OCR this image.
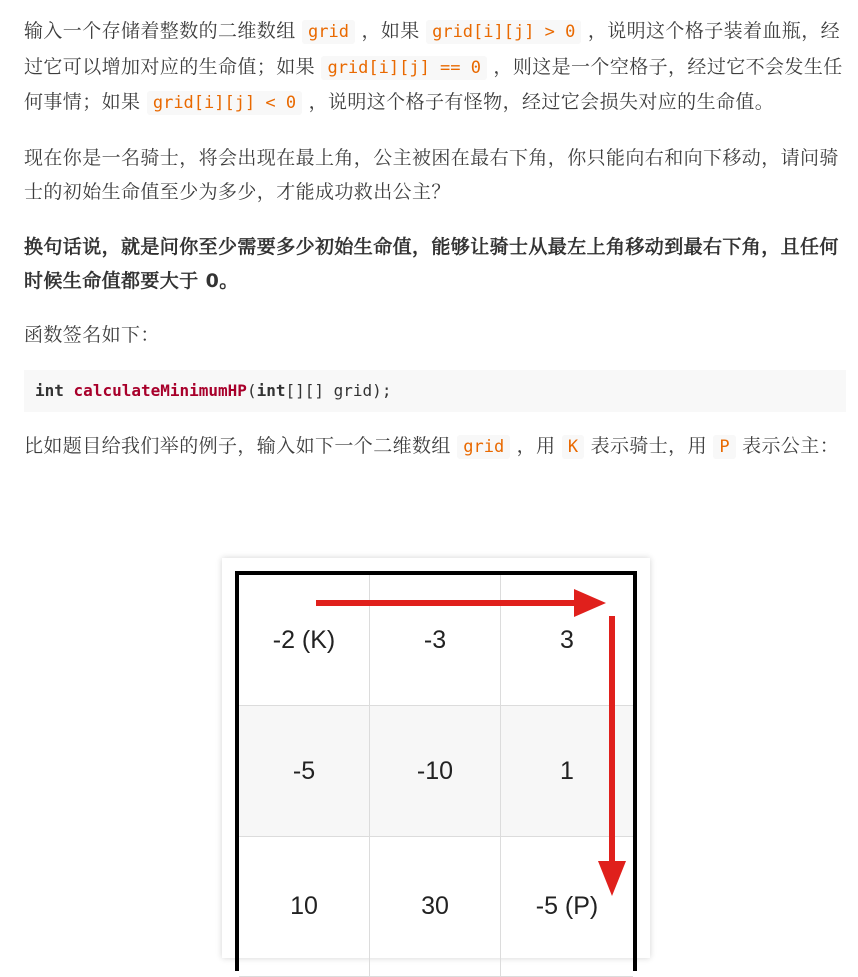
输入一个存储着整数的二维数组 grid ，如果 grid[i][j] > 0 ，说明这个格子装着血瓶，经过它可以增加对应的生命值；如果 grid[i][j] == 0 ，则这是一个空格子，经过它不会发生任何事情；如果 grid[i][j] < 0 ，说明这个格子有怪物，经过它会损失对应的生命值。

现在你是一名骑士，将会出现在最上角，公主被困在最右下角，你只能向右和向下移动，请问骑士的初始生命值至少为多少，才能成功救出公主？

换句话说，就是问你至少需要多少初始生命值，能够让骑士从最左上角移动到最右下角，且任何时候生命值都要大于 0。

函数签名如下：

int calculateMinimumHP(int[][] grid);

比如题目给我们举的例子，输入如下一个二维数组 grid ，用 K 表示骑士，用 P 表示公主：

-2 (K)	-3	3
-5	-10	1
10	30	-5 (P)
